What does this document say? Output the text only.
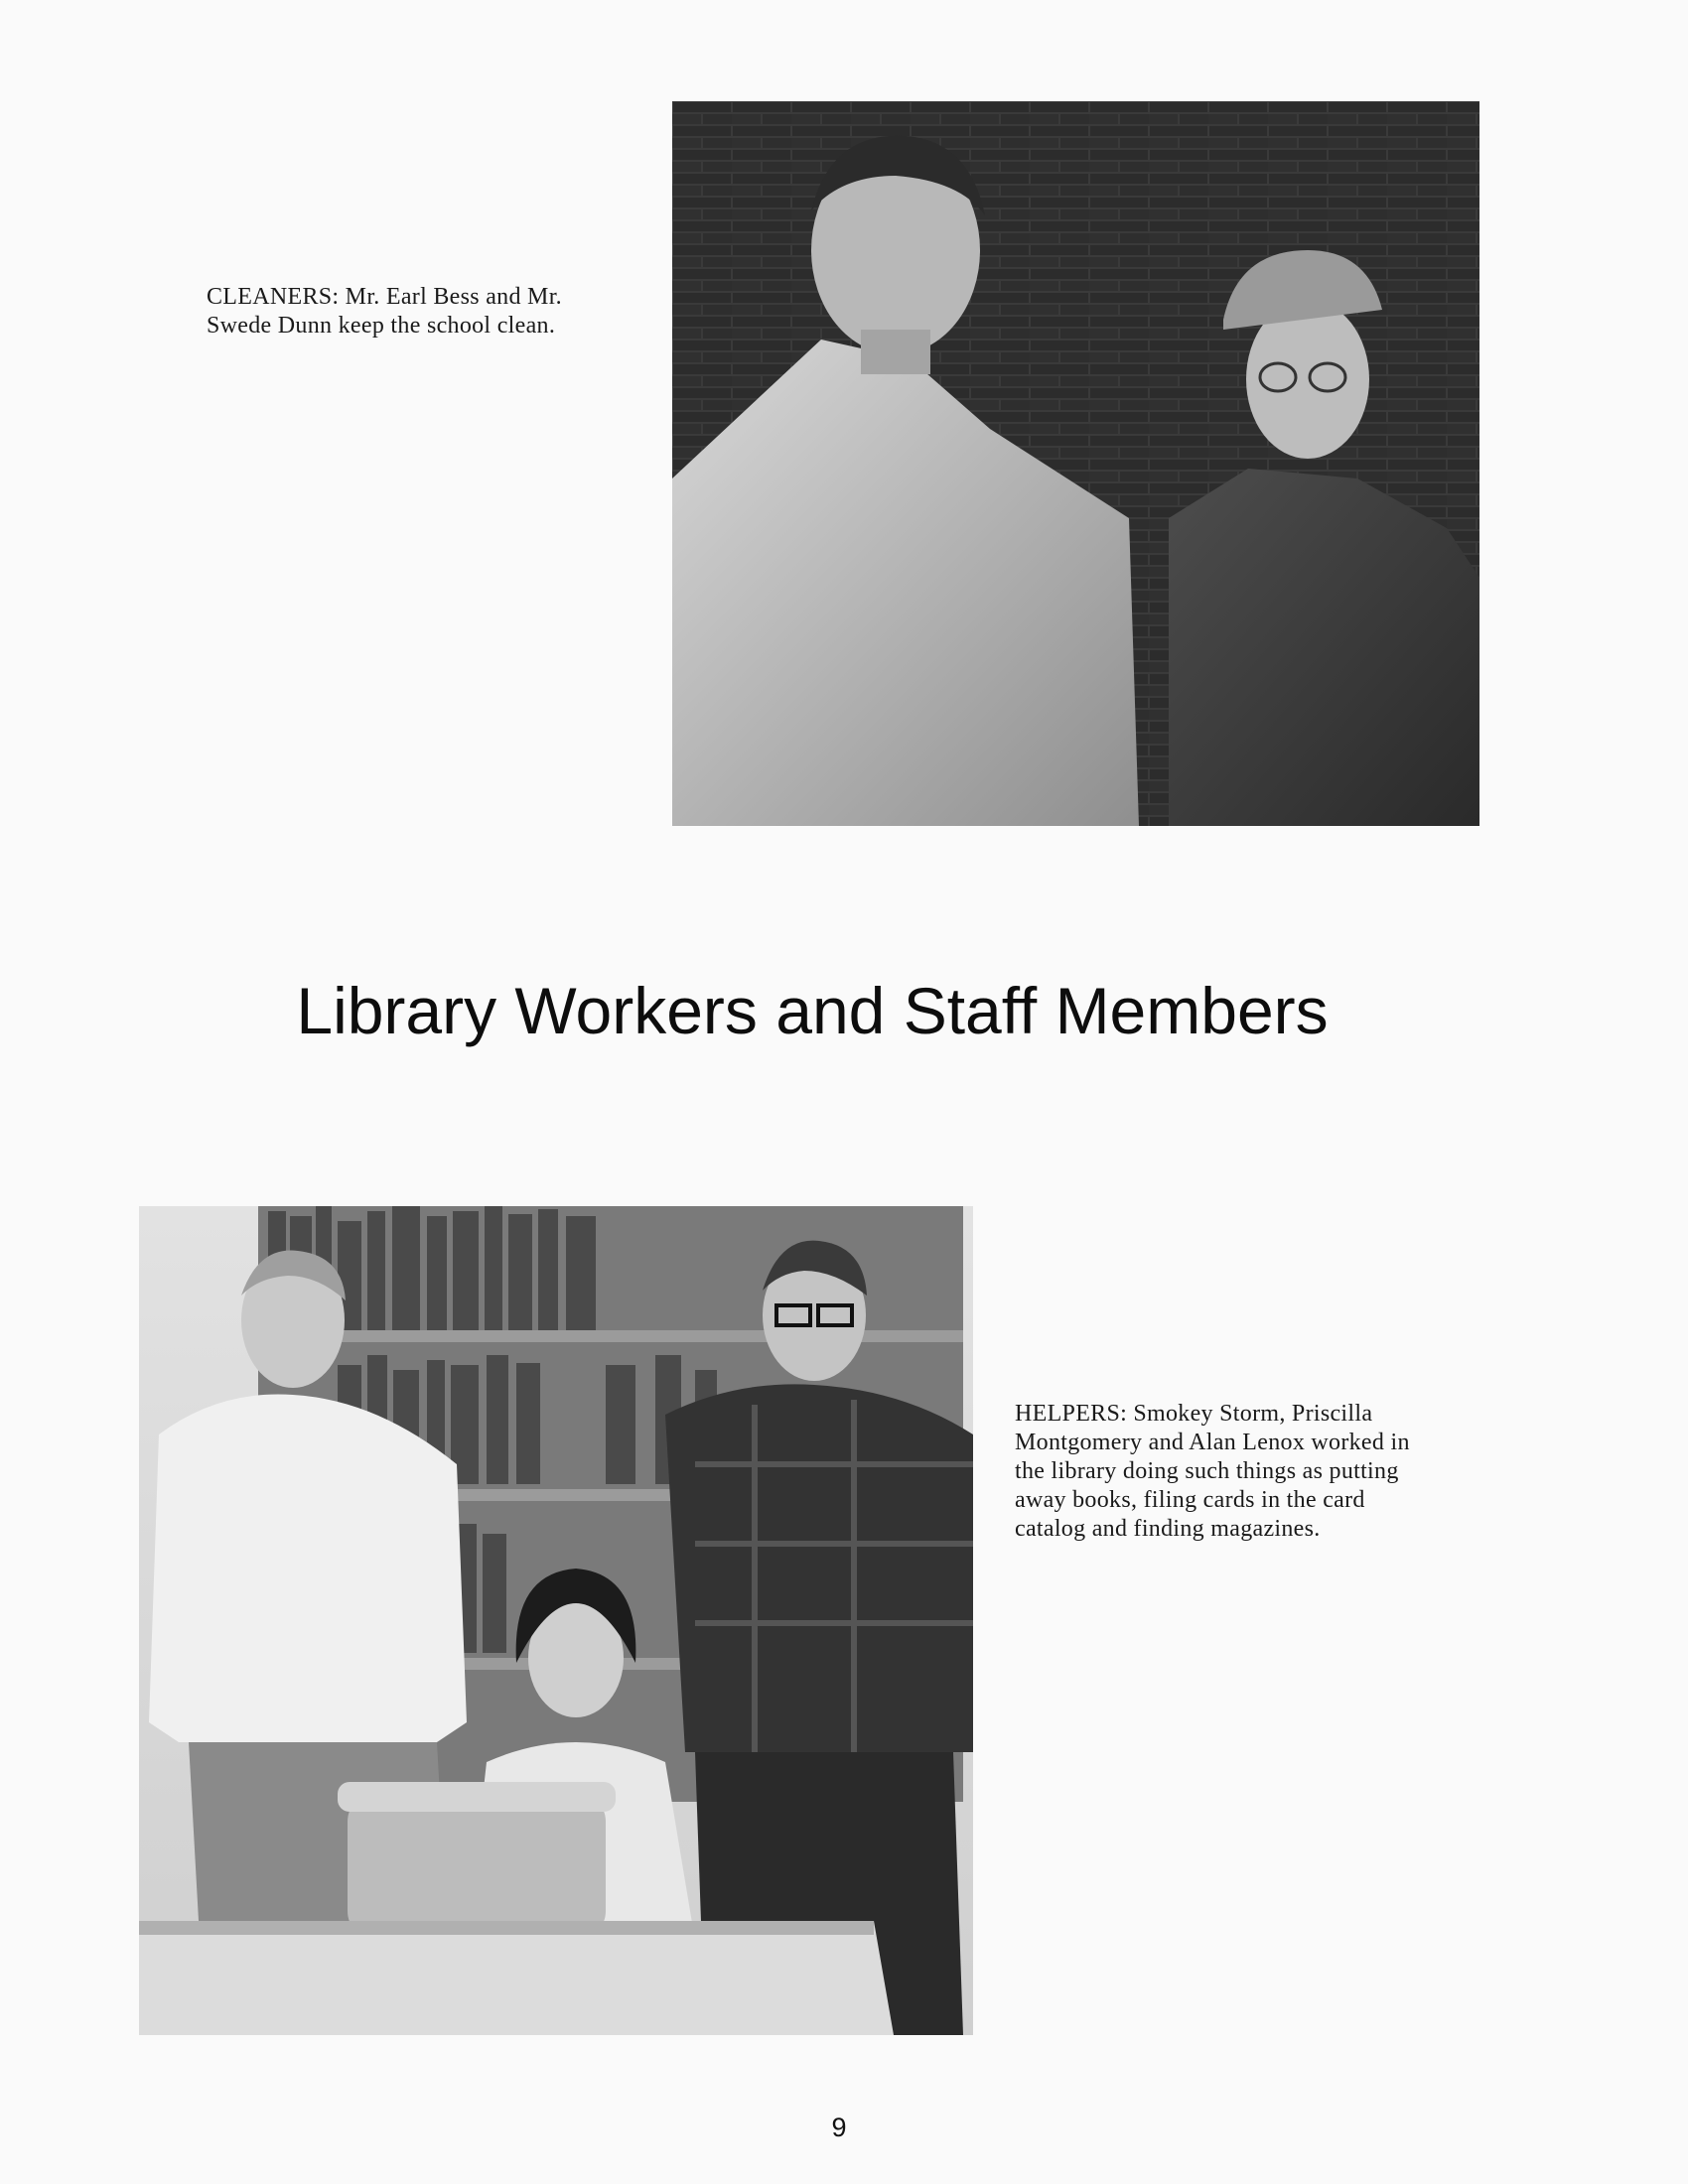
CLEANERS: Mr. Earl Bess and Mr.
Swede Dunn keep the school clean.
Library Workers and Staff Members
HELPERS: Smokey Storm, Priscilla
Montgomery and Alan Lenox worked in
the library doing such things as putting
away books, filing cards in the card
catalog and finding magazines.
9
